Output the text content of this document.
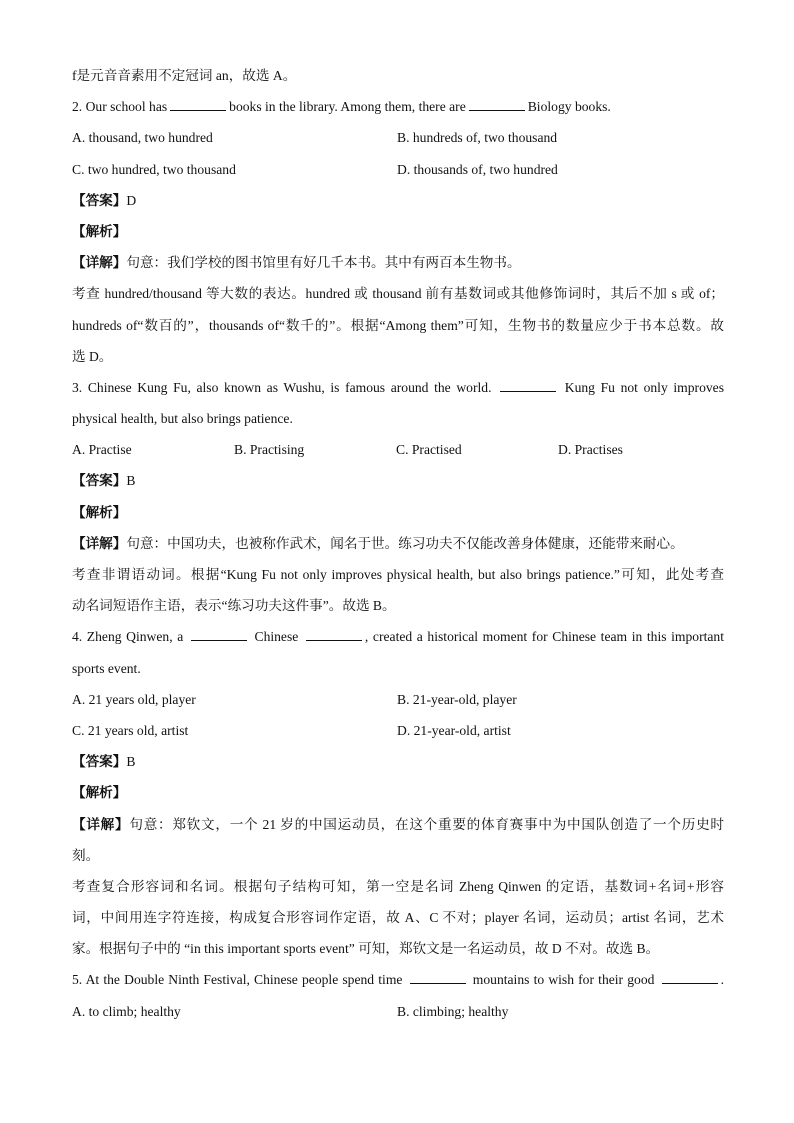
f是元音音素用不定冠词 an，故选 A。
2. Our school has	books in the library. Among them, there are	Biology books.
A. thousand, two hundred	B. hundreds of, two thousand
C. two hundred, two thousand	D. thousands of, two hundred
【答案】D
【解析】
【详解】句意：我们学校的图书馆里有好几千本书。其中有两百本生物书。
考查 hundred/thousand 等大数的表达。hundred 或 thousand 前有基数词或其他修饰词时，其后不加 s 或 of；
hundreds of“数百的”，thousands of“数千的”。根据“Among them”可知，生物书的数量应少于书本总数。故
选 D。
3. Chinese Kung Fu, also known as Wushu, is famous around the world.	Kung Fu not only improves
physical health, but also brings patience.
A. Practise	B. Practising	C. Practised	D. Practises
【答案】B
【解析】
【详解】句意：中国功夫，也被称作武术，闻名于世。练习功夫不仅能改善身体健康，还能带来耐心。
考查非谓语动词。根据“Kung Fu not only improves physical health, but also brings patience.”可知，此处考查
动名词短语作主语，表示“练习功夫这件事”。故选 B。
4. Zheng Qinwen, a	Chinese	, created a historical moment for Chinese team in this important
sports event.
A. 21 years old, player	B. 21-year-old, player
C. 21 years old, artist	D. 21-year-old, artist
【答案】B
【解析】
【详解】句意：郑钦文，一个 21 岁的中国运动员，在这个重要的体育赛事中为中国队创造了一个历史时
刻。
考查复合形容词和名词。根据句子结构可知，第一空是名词 Zheng Qinwen 的定语，基数词+名词+形容
词，中间用连字符连接，构成复合形容词作定语，故 A、C 不对；player 名词，运动员；artist 名词，艺术
家。根据句子中的 “in this important sports event” 可知，郑钦文是一名运动员，故 D 不对。故选 B。
5. At the Double Ninth Festival, Chinese people spend time	mountains to wish for their good	.
A. to climb; healthy	B. climbing; healthy
